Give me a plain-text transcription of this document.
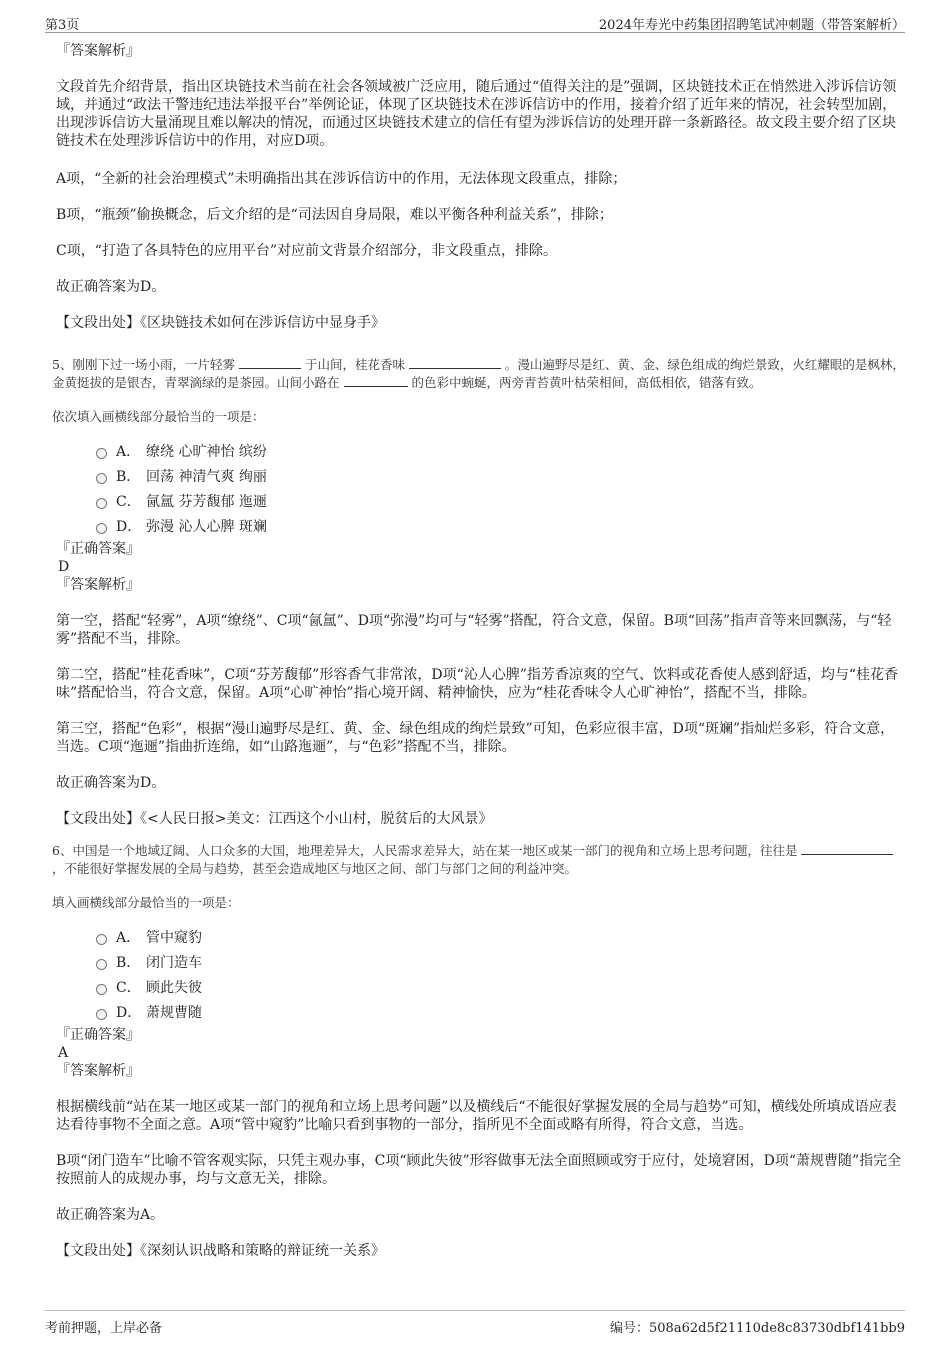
第3页	2024年寿光中药集团招聘笔试冲刺题（带答案解析）

『答案解析』

文段首先介绍背景，指出区块链技术当前在社会各领域被广泛应用，随后通过“值得关注的是”强调，区块链技术正在悄然进入涉诉信访领域，并通过“政法干警违纪违法举报平台”举例论证，体现了区块链技术在涉诉信访中的作用，接着介绍了近年来的情况，社会转型加剧，出现涉诉信访大量涌现且难以解决的情况，而通过区块链技术建立的信任有望为涉诉信访的处理开辟一条新路径。故文段主要介绍了区块链技术在处理涉诉信访中的作用，对应D项。

A项，“全新的社会治理模式”未明确指出其在涉诉信访中的作用，无法体现文段重点，排除；

B项，“瓶颈”偷换概念，后文介绍的是“司法因自身局限，难以平衡各种利益关系”，排除；

C项，“打造了各具特色的应用平台”对应前文背景介绍部分，非文段重点，排除。

故正确答案为D。

【文段出处】《区块链技术如何在涉诉信访中显身手》

5、刚刚下过一场小雨，一片轻雾	于山间，桂花香味	。漫山遍野尽是红、黄、金、绿色组成的绚烂景致，火红耀眼的是枫林，金黄挺拔的是银杏，青翠滴绿的是茶园。山间小路在	的色彩中蜿蜒，两旁青苔黄叶枯荣相间，高低相依，错落有致。

依次填入画横线部分最恰当的一项是：

A． 缭绕 心旷神怡 缤纷
B． 回荡 神清气爽 绚丽
C． 氤氲 芬芳馥郁 迤逦
D． 弥漫 沁人心脾 斑斓

『正确答案』

D

『答案解析』

第一空，搭配“轻雾”，A项“缭绕”、C项“氤氲”、D项“弥漫”均可与“轻雾”搭配，符合文意，保留。B项“回荡”指声音等来回飘荡，与“轻雾”搭配不当，排除。

第二空，搭配“桂花香味”，C项“芬芳馥郁”形容香气非常浓，D项“沁人心脾”指芳香凉爽的空气、饮料或花香使人感到舒适，均与“桂花香味”搭配恰当，符合文意，保留。A项“心旷神怡”指心境开阔、精神愉快，应为“桂花香味令人心旷神怡”，搭配不当，排除。

第三空，搭配“色彩”，根据“漫山遍野尽是红、黄、金、绿色组成的绚烂景致”可知，色彩应很丰富，D项“斑斓”指灿烂多彩，符合文意，当选。C项“迤逦”指曲折连绵，如“山路迤逦”，与“色彩”搭配不当，排除。

故正确答案为D。

【文段出处】《<人民日报>美文：江西这个小山村，脱贫后的大风景》

6、中国是一个地域辽阔、人口众多的大国，地理差异大，人民需求差异大，站在某一地区或某一部门的视角和立场上思考问题，往往是  ，不能很好掌握发展的全局与趋势，甚至会造成地区与地区之间、部门与部门之间的利益冲突。

填入画横线部分最恰当的一项是：

A． 管中窥豹
B． 闭门造车
C． 顾此失彼
D． 萧规曹随

『正确答案』

A

『答案解析』

根据横线前“站在某一地区或某一部门的视角和立场上思考问题”以及横线后“不能很好掌握发展的全局与趋势”可知，横线处所填成语应表达看待事物不全面之意。A项“管中窥豹”比喻只看到事物的一部分，指所见不全面或略有所得，符合文意，当选。

B项“闭门造车”比喻不管客观实际，只凭主观办事，C项“顾此失彼”形容做事无法全面照顾或穷于应付，处境窘困，D项“萧规曹随”指完全按照前人的成规办事，均与文意无关，排除。

故正确答案为A。

【文段出处】《深刻认识战略和策略的辩证统一关系》

考前押题，上岸必备	编号：508a62d5f21110de8c83730dbf141bb9
